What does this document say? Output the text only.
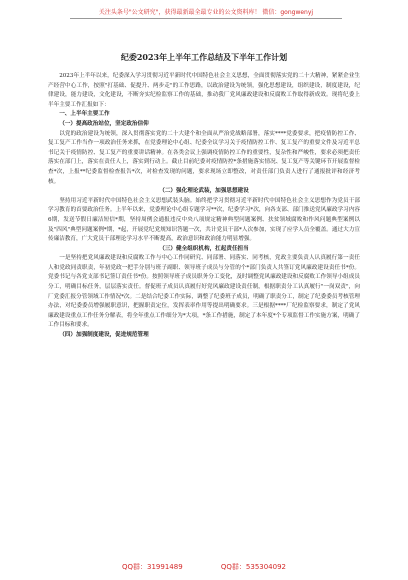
关注头条号"公文研究"，获得最新最全最专业的公文资料库！ 微信：gongwenyj
纪委2023年上半年工作总结及下半年工作计划

2023年上半年以来，纪委深入学习贯彻习近平新时代中国特色社会主义思想，全面贯彻落实党的二十大精神，紧紧企业生产经营中心工作，按照"打基础、促提升、两步走"的工作思路，以政治建设为统领，强化思想建设，组织建设，制度建设，纪律建设，能力建设，文化建设，不断夯实纪检监察工作的基础，推动我厂党风廉政建设和反腐败工作取得新成效。现将纪委上半年主要工作汇报如下：

一、上半年主要工作
（一）提高政治站位，坚定政治信仰

以党的政治建设为统领，深入贯彻落实党的二十大建个和全面从严治党战略部署，落实****党委要求，把疫情防控工作、复工复产工作当作一项政治任务来抓，在党委理论中心组、纪委全议学习关于疫情防控工作、复工复产的重要文件及习近平总书记关于疫情防控、复工复产的重要讲话精神。在各类会议上强调疫情防控工作的重要性，复杂性和严峻性，要求必须把责任落实在部门上，落实在责任人上，落实到行动上。截止目前纪委对疫情防控*条措施落实情况、复工复产等关键环节开展监督检查*次，上报**纪委监督检查报告*次，对检查发现的问题，要求现场立即整改，对责任部门负责人进行了通报批评和经济考核。

（二）强化理论武装，加强思想建设

坚持用习近平新时代中国特色社会主义思想武装头脑。始终把学习贯彻习近平新时代中国特色社会主义思想作为党员干部学习教育的首要政治任务。上半年以来，党委理论中心组专题学习**次，纪委学习*次，向各支部、部门推送党风廉政学习内容6期，发送节假日廉洁短信*期，坚持周例会通报违反中央八项规定精神典型问题案例、扶贫领域腐败和作风问题典型案例以及"四风"典型问题案例*期，*起，开展党纪党规知识答题一次，共计党员干部*人次参加，实现了应学人员全覆盖。通过大力宣传廉洁教育，广大党员干部理论学习水平不断提高，政治意识和政治能力明显增强。

（三）健全组织机构，扛起责任担当

一是坚持把党风廉政建设和反腐败工作与中心工作同研究、同部署、同落实、同考核，党政主要负责人认真履行第一责任人和党政同责职责，年初党政一把手分别与班子副职、领导班子成员与分管的个*部门负责人共签订党风廉政建设责任书*份。党委书记与各党支部书记签订责任书*份。按照领导班子成员职务分工变化，及时调整党风廉政建设和反腐败工作领导小组成员分工，明确目标任务，层层落实责任。督促班子成员认真履行好党风廉政建设责任制，根据职责分工认真履行"一岗双责"，向厂党委汇报分管领域工作情况*次。二是结合纪委工作实际，调整了纪委班子成员，明确了职责分工，制定了纪委委员考核管理办法，对纪委委员增强履职意识，把握职责定位，发挥表率作用等提出明确要求。三是根据****厂纪检监察要求，制定了党风廉政建设重点工作任务分解表，将全年重点工作细分为*大项，*条工作措施，制定了本年度*个专项监督工作实施方案，明确了工作目标和要求。

（四）加强制度建设，促进规范管理
QQ群：31991489	QQ群：535304092
